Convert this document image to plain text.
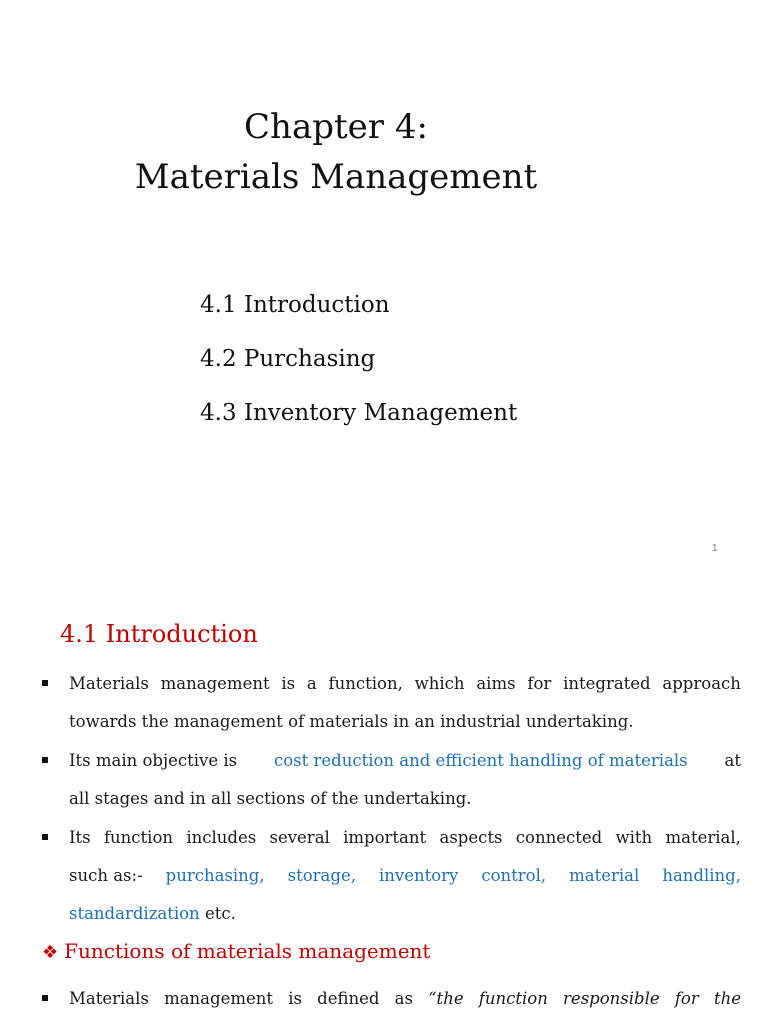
Chapter 4:
Materials Management
4.1 Introduction
4.2 Purchasing
4.3 Inventory Management
1
4.1 Introduction
Materials management is a function, which aims for integrated approach
towards the management of materials in an industrial undertaking.
Its main objective is cost reduction and efficient handling of materials at
all stages and in all sections of the undertaking.
Its function includes several important aspects connected with material,
such as:- purchasing, storage, inventory control, material handling,
standardization etc.
❖ Functions of materials management
Materials management is defined as “the function responsible for the
